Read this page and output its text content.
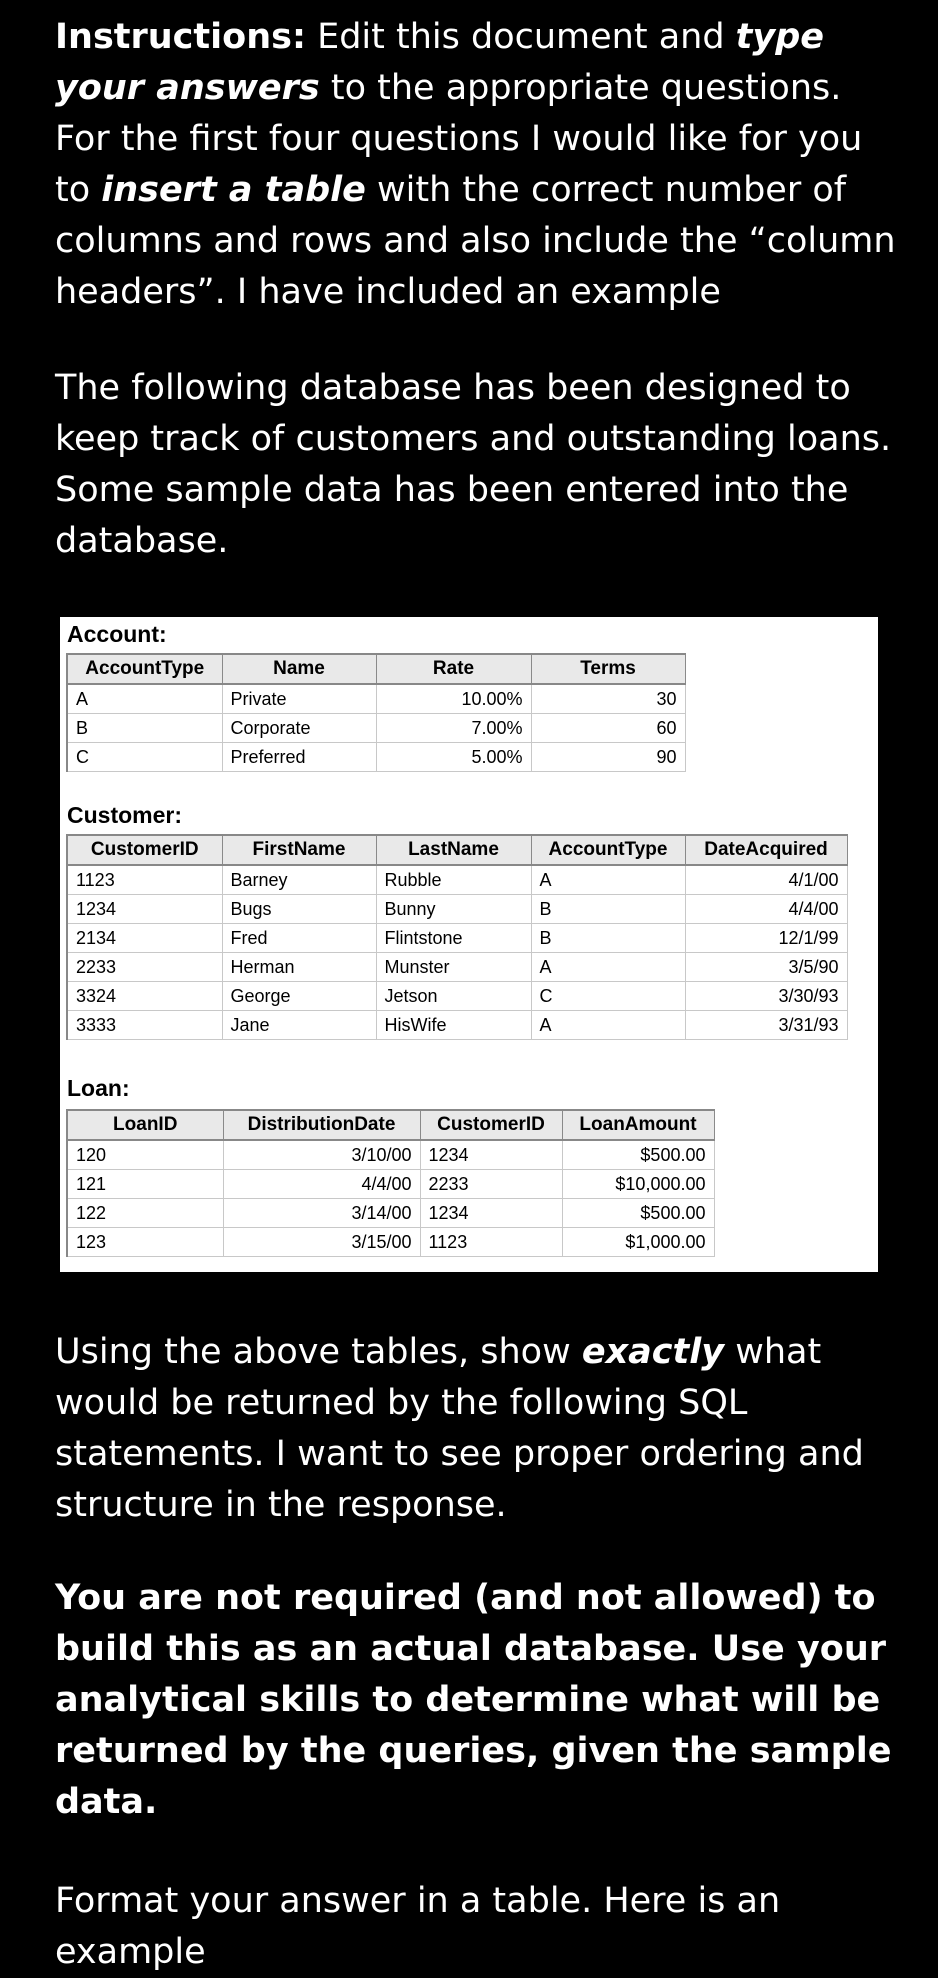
Instructions: Edit this document and type your answers to the appropriate questions. For the first four questions I would like for you to insert a table with the correct number of columns and rows and also include the “column headers”. I have included an example

The following database has been designed to keep track of customers and outstanding loans. Some sample data has been entered into the database.

Account:
AccountType	Name	Rate	Terms
A	Private	10.00%	30
B	Corporate	7.00%	60
C	Preferred	5.00%	90
Customer:
CustomerID	FirstName	LastName	AccountType	DateAcquired
1123	Barney	Rubble	A	4/1/00
1234	Bugs	Bunny	B	4/4/00
2134	Fred	Flintstone	B	12/1/99
2233	Herman	Munster	A	3/5/90
3324	George	Jetson	C	3/30/93
3333	Jane	HisWife	A	3/31/93
Loan:
LoanID	DistributionDate	CustomerID	LoanAmount
120	3/10/00	1234	$500.00
121	4/4/00	2233	$10,000.00
122	3/14/00	1234	$500.00
123	3/15/00	1123	$1,000.00

Using the above tables, show exactly what would be returned by the following SQL statements. I want to see proper ordering and structure in the response.

You are not required (and not allowed) to build this as an actual database. Use your analytical skills to determine what will be returned by the queries, given the sample data.

Format your answer in a table. Here is an example
